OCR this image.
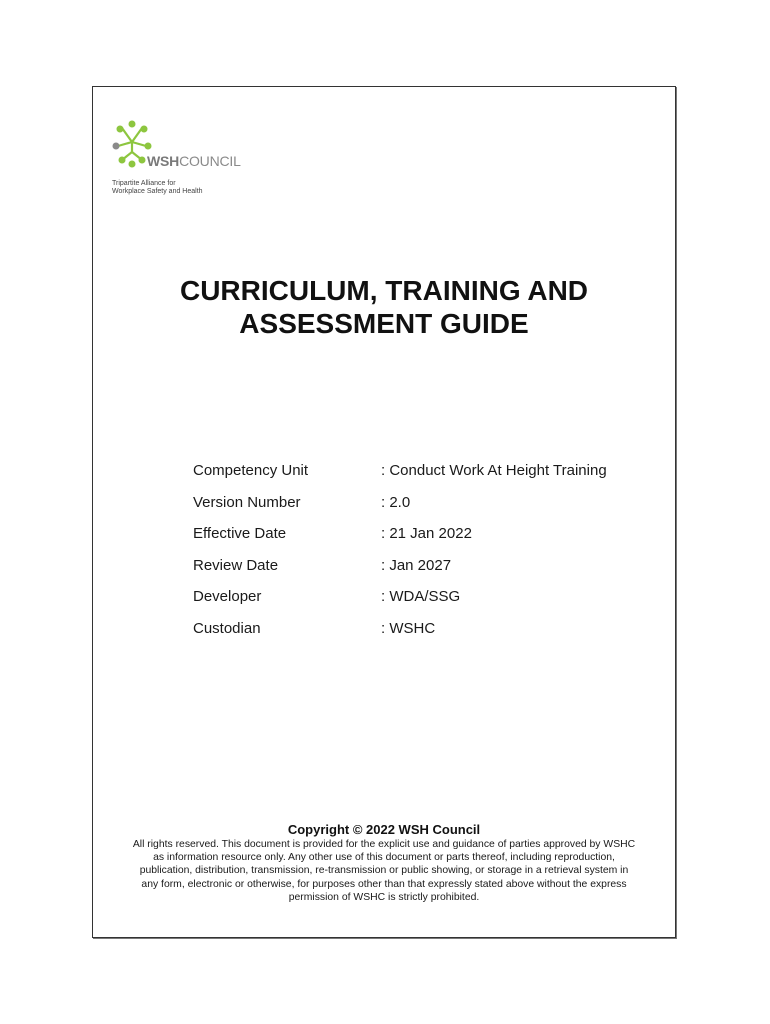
WSHCOUNCIL
Tripartite Alliance for
Workplace Safety and Health
CURRICULUM, TRAINING AND
ASSESSMENT GUIDE
Competency Unit	: Conduct Work At Height Training
Version Number	: 2.0
Effective Date	: 21 Jan 2022
Review Date	: Jan 2027
Developer	: WDA/SSG
Custodian	: WSHC
Copyright © 2022 WSH Council
All rights reserved. This document is provided for the explicit use and guidance of parties approved by WSHC
as information resource only. Any other use of this document or parts thereof, including reproduction,
publication, distribution, transmission, re-transmission or public showing, or storage in a retrieval system in
any form, electronic or otherwise, for purposes other than that expressly stated above without the express
permission of WSHC is strictly prohibited.
